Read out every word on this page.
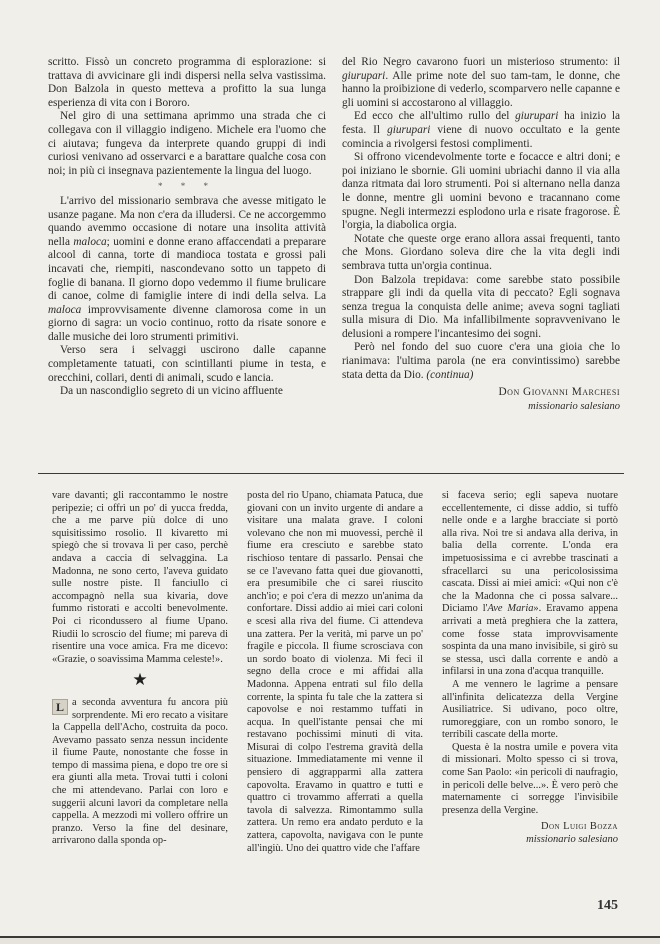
scritto. Fissò un concreto programma di esplorazione: si trattava di avvicinare gli indi dispersi nella selva vastissima. Don Balzola in questo metteva a profitto la sua lunga esperienza di vita con i Bororo.

Nel giro di una settimana aprimmo una strada che ci collegava con il villaggio indigeno. Michele era l'uomo che ci aiutava; fungeva da interprete quando gruppi di indi curiosi venivano ad osservarci e a barattare qualche cosa con noi; in più ci insegnava pazientemente la lingua del luogo.

* * *

L'arrivo del missionario sembrava che avesse mitigato le usanze pagane. Ma non c'era da illudersi. Ce ne accorgemmo quando avemmo occasione di notare una insolita attività nella maloca; uomini e donne erano affaccendati a preparare alcool di canna, torte di mandioca tostata e grossi pali incavati che, riempiti, nascondevano sotto un tappeto di foglie di banana. Il giorno dopo vedemmo il fiume brulicare di canoe, colme di famiglie intere di indi della selva. La maloca improvvisamente divenne clamorosa come in un giorno di sagra: un vocio continuo, rotto da risate sonore e dalle musiche dei loro strumenti primitivi.

Verso sera i selvaggi uscirono dalle capanne completamente tatuati, con scintillanti piume in testa, e orecchini, collari, denti di animali, scudo e lancia.

Da un nascondiglio segreto di un vicino affluente

del Rio Negro cavarono fuori un misterioso strumento: il giurupari. Alle prime note del suo tam-tam, le donne, che hanno la proibizione di vederlo, scomparvero nelle capanne e gli uomini si accostarono al villaggio.

Ed ecco che all'ultimo rullo del giurupari ha inizio la festa. Il giurupari viene di nuovo occultato e la gente comincia a rivolgersi festosi complimenti.

Si offrono vicendevolmente torte e focacce e altri doni; e poi iniziano le sbornie. Gli uomini ubriachi danno il via alla danza ritmata dai loro strumenti. Poi si alternano nella danza le donne, mentre gli uomini bevono e tracannano come spugne. Negli intermezzi esplodono urla e risate fragorose. È l'orgia, la diabolica orgia.

Notate che queste orge erano allora assai frequenti, tanto che Mons. Giordano soleva dire che la vita degli indi sembrava tutta un'orgia continua.

Don Balzola trepidava: come sarebbe stato possibile strappare gli indi da quella vita di peccato? Egli sognava senza tregua la conquista delle anime; aveva sogni tagliati sulla misura di Dio. Ma infallibilmente sopravvenivano le delusioni a rompere l'incantesimo dei sogni.

Però nel fondo del suo cuore c'era una gioia che lo rianimava: l'ultima parola (ne era convintissimo) sarebbe stata detta da Dio. (continua)

Don Giovanni Marchesi
missionario salesiano

vare davanti; gli raccontammo le nostre peripezie; ci offrì un po' di yucca fredda, che a me parve più dolce di uno squisitissimo rosolio. Il kivaretto mi spiegò che si trovava lì per caso, perchè andava a caccia di selvaggina. La Madonna, ne sono certo, l'aveva guidato sulle nostre piste. Il fanciullo ci accompagnò nella sua kivaria, dove fummo ristorati e accolti benevolmente. Poi ci ricondussero al fiume Upano. Riudii lo scroscio del fiume; mi pareva di risentire una voce amica. Fra me dicevo: «Grazie, o soavissima Mamma celeste!».

★

L a seconda avventura fu ancora più sorprendente. Mi ero recato a visitare la Cappella dell'Acho, costruita da poco. Avevamo passato senza nessun incidente il fiume Paute, nonostante che fosse in tempo di massima piena, e dopo tre ore si era giunti alla meta. Trovai tutti i coloni che mi attendevano. Parlai con loro e suggerii alcuni lavori da completare nella cappella. A mezzodì mi vollero offrire un pranzo. Verso la fine del desinare, arrivarono dalla sponda op-

posta del rio Upano, chiamata Patuca, due giovani con un invito urgente di andare a visitare una malata grave. I coloni volevano che non mi muovessi, perchè il fiume era cresciuto e sarebbe stato rischioso tentare di passarlo. Pensai che se ce l'avevano fatta quei due giovanotti, era presumibile che ci sarei riuscito anch'io; e poi c'era di mezzo un'anima da confortare. Dissi addio ai miei cari coloni e scesi alla riva del fiume. Ci attendeva una zattera. Per la verità, mi parve un po' fragile e piccola. Il fiume scrosciava con un sordo boato di violenza. Mi feci il segno della croce e mi affidai alla Madonna. Appena entrati sul filo della corrente, la spinta fu tale che la zattera si capovolse e noi restammo tuffati in acqua. In quell'istante pensai che mi restavano pochissimi minuti di vita. Misurai di colpo l'estrema gravità della situazione. Immediatamente mi venne il pensiero di aggrapparmi alla zattera capovolta. Eravamo in quattro e tutti e quattro ci trovammo afferrati a quella tavola di salvezza. Rimontammo sulla zattera. Un remo era andato perduto e la zattera, capovolta, navigava con le punte all'ingiù. Uno dei quattro vide che l'affare

si faceva serio; egli sapeva nuotare eccellentemente, ci disse addio, si tuffò nelle onde e a larghe bracciate si portò alla riva. Noi tre si andava alla deriva, in balia della corrente. L'onda era impetuosissima e ci avrebbe trascinati a sfracellarci su una pericolosissima cascata. Dissi ai miei amici: «Qui non c'è che la Madonna che ci possa salvare... Diciamo l'Ave Maria». Eravamo appena arrivati a metà preghiera che la zattera, come fosse stata improvvisamente sospinta da una mano invisibile, si girò su se stessa, uscì dalla corrente e andò a infilarsi in una zona d'acqua tranquille.

A me vennero le lagrime a pensare all'infinita delicatezza della Vergine Ausiliatrice. Si udivano, poco oltre, rumoreggiare, con un rombo sonoro, le terribili cascate della morte.

Questa è la nostra umile e povera vita di missionari. Molto spesso ci si trova, come San Paolo: «in pericoli di naufragio, in pericoli delle belve...». È vero però che maternamente ci sorregge l'invisibile presenza della Vergine.

Don Luigi Bozza
missionario salesiano
145
